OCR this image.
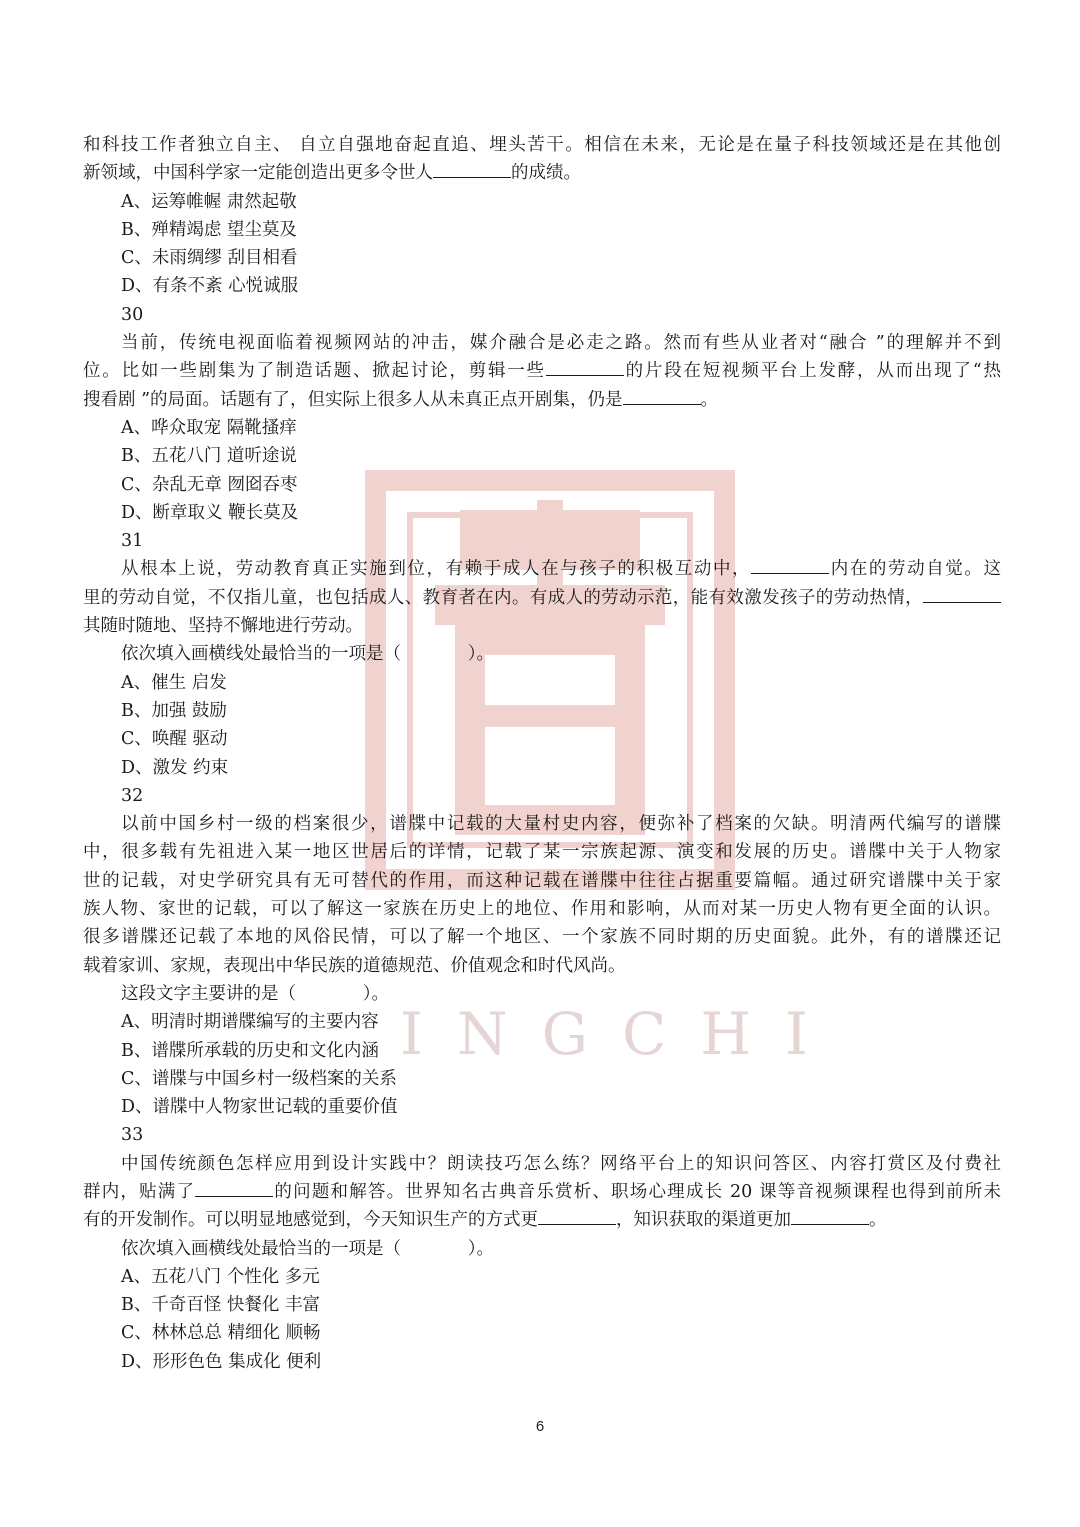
INGCHI
和科技工作者独立自主、 自立自强地奋起直追、埋头苦干。相信在未来，无论是在量子科技领域还是在其他创
新领域，中国科学家一定能创造出更多令世人	的成绩。
A、运筹帷幄 肃然起敬
B、殚精竭虑 望尘莫及
C、未雨绸缪 刮目相看
D、有条不紊 心悦诚服
30
当前，传统电视面临着视频网站的冲击，媒介融合是必走之路。然而有些从业者对“融合 ”的理解并不到
位。比如一些剧集为了制造话题、掀起讨论，剪辑一些	的片段在短视频平台上发酵，从而出现了“热
搜看剧 ”的局面。话题有了，但实际上很多人从未真正点开剧集，仍是	。
A、哗众取宠 隔靴搔痒
B、五花八门 道听途说
C、杂乱无章 囫囵吞枣
D、断章取义 鞭长莫及
31
从根本上说，劳动教育真正实施到位，有赖于成人在与孩子的积极互动中，	内在的劳动自觉。这
里的劳动自觉，不仅指儿童，也包括成人、教育者在内。有成人的劳动示范，能有效激发孩子的劳动热情，
其随时随地、坚持不懈地进行劳动。
依次填入画横线处最恰当的一项是（            ）。
A、催生 启发
B、加强 鼓励
C、唤醒 驱动
D、激发 约束
32
以前中国乡村一级的档案很少，谱牒中记载的大量村史内容，便弥补了档案的欠缺。明清两代编写的谱牒
中，很多载有先祖进入某一地区世居后的详情，记载了某一宗族起源、演变和发展的历史。谱牒中关于人物家
世的记载，对史学研究具有无可替代的作用，而这种记载在谱牒中往往占据重要篇幅。通过研究谱牒中关于家
族人物、家世的记载，可以了解这一家族在历史上的地位、作用和影响，从而对某一历史人物有更全面的认识。
很多谱牒还记载了本地的风俗民情，可以了解一个地区、一个家族不同时期的历史面貌。此外，有的谱牒还记
载着家训、家规，表现出中华民族的道德规范、价值观念和时代风尚。
这段文字主要讲的是（            ）。
A、明清时期谱牒编写的主要内容
B、谱牒所承载的历史和文化内涵
C、谱牒与中国乡村一级档案的关系
D、谱牒中人物家世记载的重要价值
33
中国传统颜色怎样应用到设计实践中？朗读技巧怎么练？网络平台上的知识问答区、内容打赏区及付费社
群内，贴满了	的问题和解答。世界知名古典音乐赏析、职场心理成长 20 课等音视频课程也得到前所未
有的开发制作。可以明显地感觉到，今天知识生产的方式更	，知识获取的渠道更加	。
依次填入画横线处最恰当的一项是（            ）。
A、五花八门 个性化 多元
B、千奇百怪 快餐化 丰富
C、林林总总 精细化 顺畅
D、形形色色 集成化 便利
6
